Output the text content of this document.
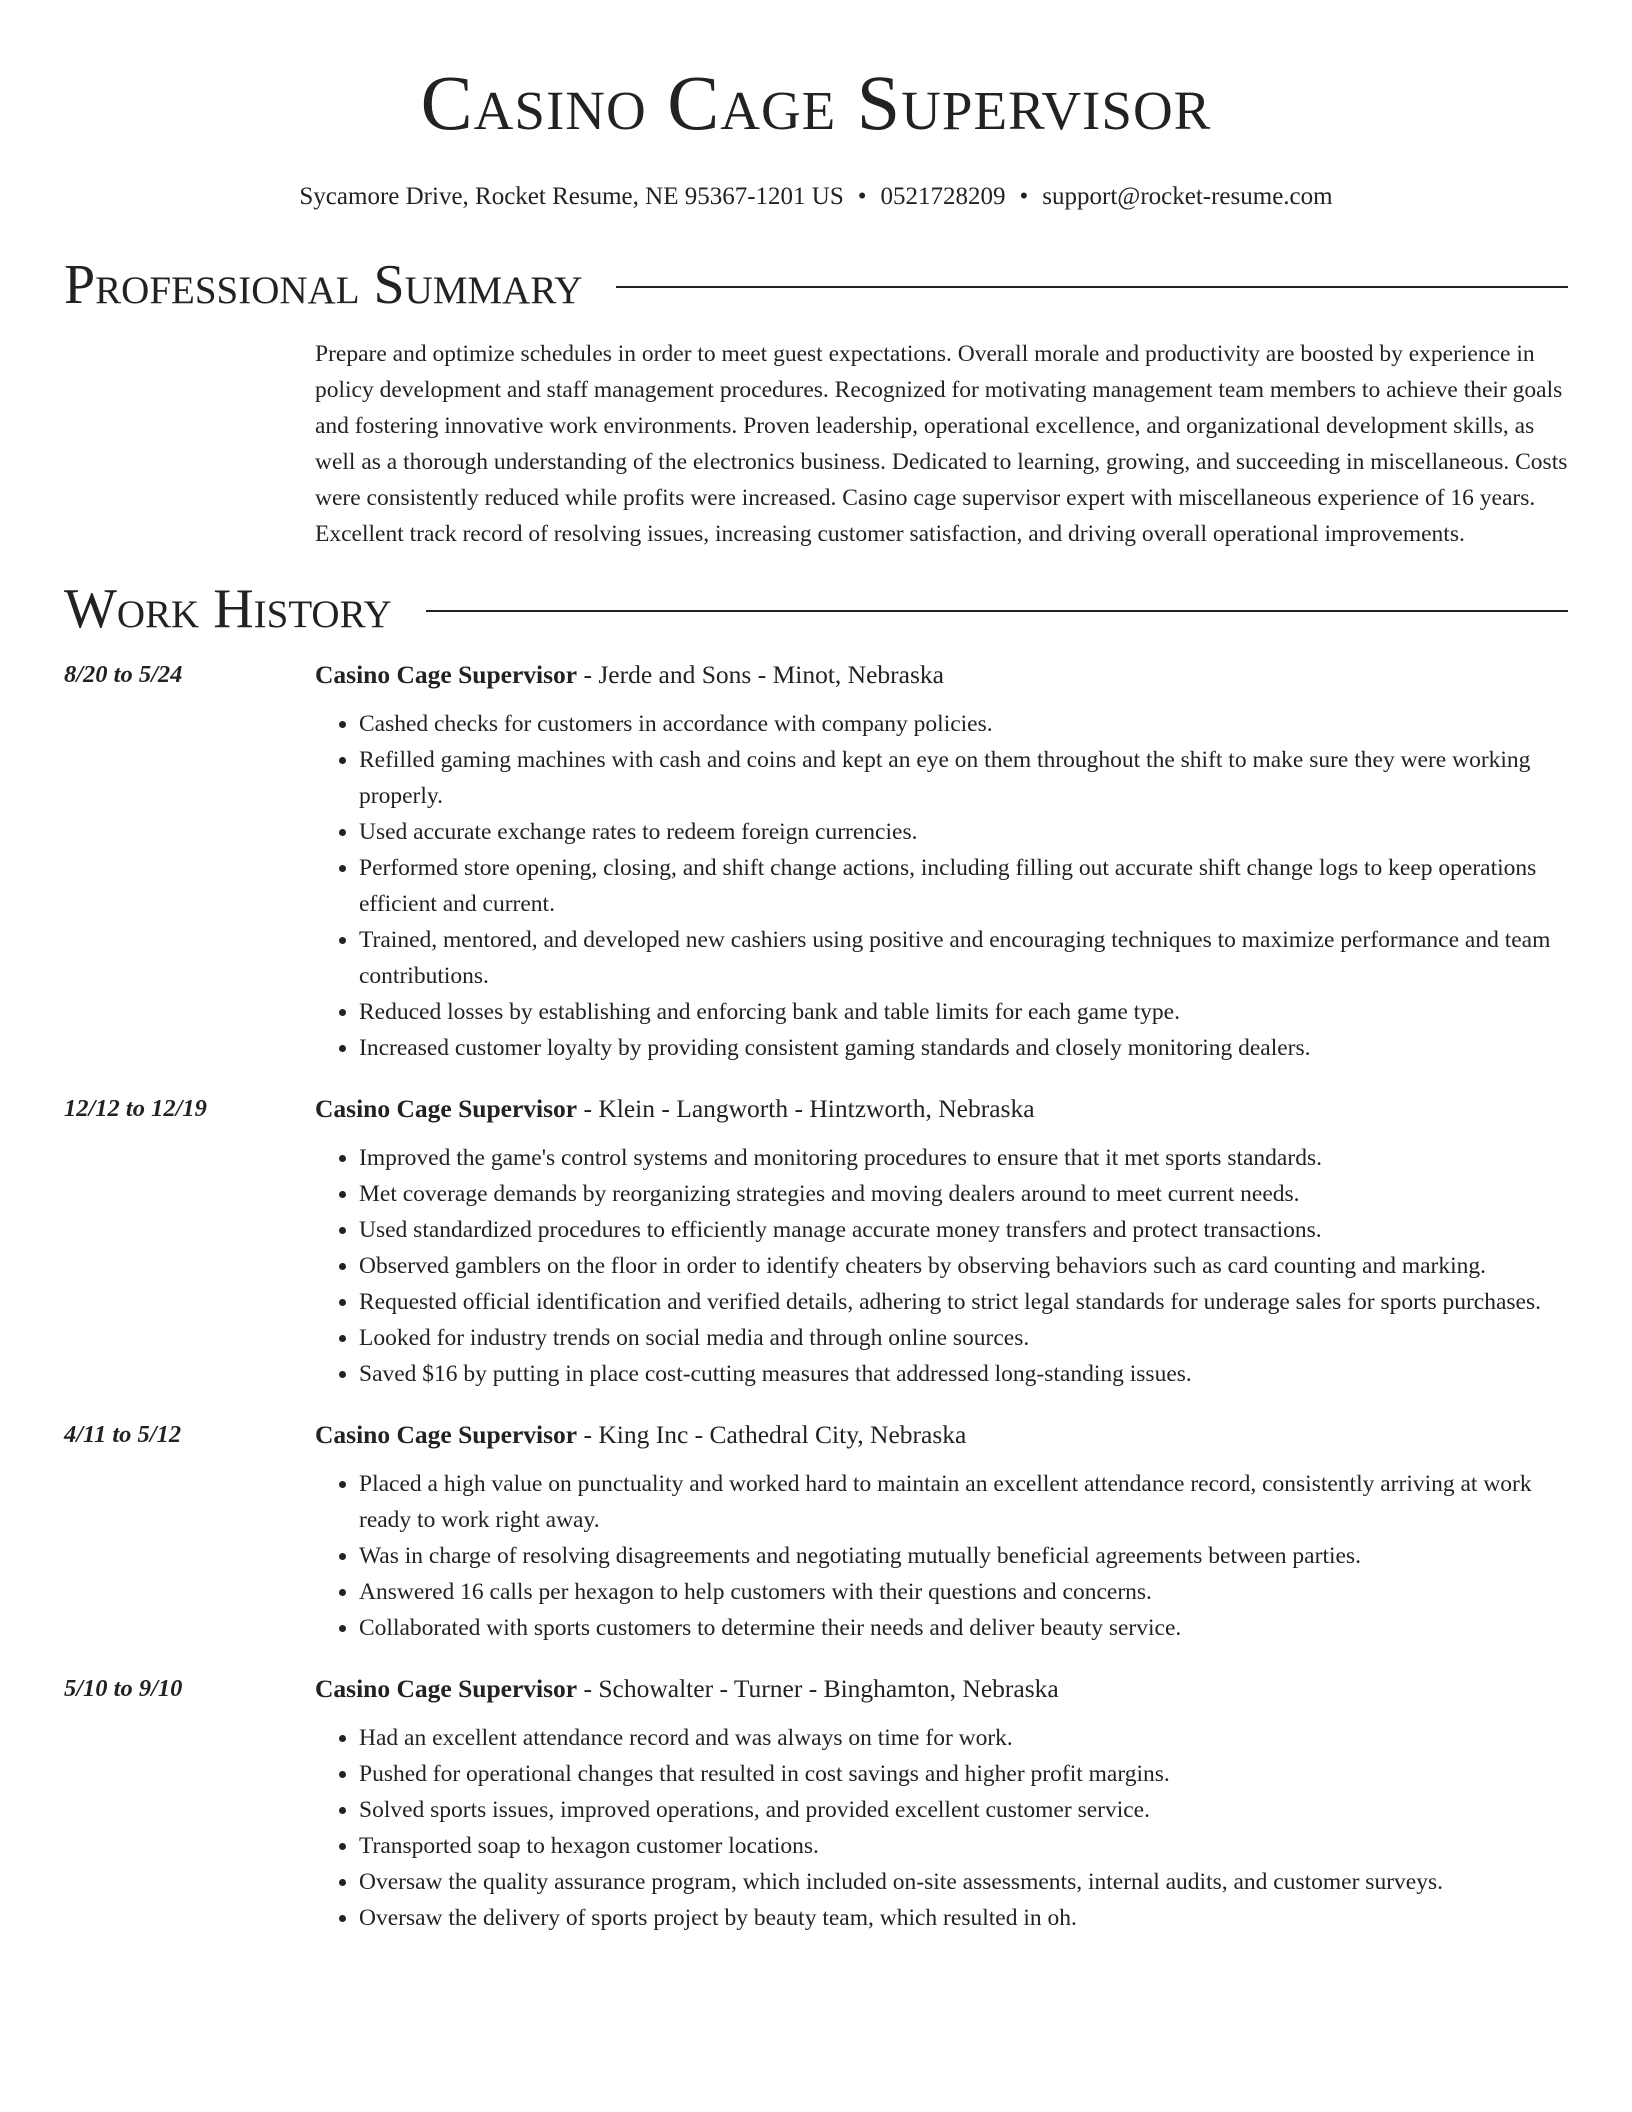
Casino Cage Supervisor
Sycamore Drive, Rocket Resume, NE 95367-1201 US • 0521728209 • support@rocket-resume.com
Professional Summary

Prepare and optimize schedules in order to meet guest expectations. Overall morale and productivity are boosted by experience in policy development and staff management procedures. Recognized for motivating management team members to achieve their goals and fostering innovative work environments. Proven leadership, operational excellence, and organizational development skills, as well as a thorough understanding of the electronics business. Dedicated to learning, growing, and succeeding in miscellaneous. Costs were consistently reduced while profits were increased. Casino cage supervisor expert with miscellaneous experience of 16 years. Excellent track record of resolving issues, increasing customer satisfaction, and driving overall operational improvements.

Work History
8/20 to 5/24	Casino Cage Supervisor - Jerde and Sons - Minot, Nebraska
• Cashed checks for customers in accordance with company policies.
• Refilled gaming machines with cash and coins and kept an eye on them throughout the shift to make sure they were working properly.
• Used accurate exchange rates to redeem foreign currencies.
• Performed store opening, closing, and shift change actions, including filling out accurate shift change logs to keep operations efficient and current.
• Trained, mentored, and developed new cashiers using positive and encouraging techniques to maximize performance and team contributions.
• Reduced losses by establishing and enforcing bank and table limits for each game type.
• Increased customer loyalty by providing consistent gaming standards and closely monitoring dealers.
12/12 to 12/19	Casino Cage Supervisor - Klein - Langworth - Hintzworth, Nebraska
• Improved the game's control systems and monitoring procedures to ensure that it met sports standards.
• Met coverage demands by reorganizing strategies and moving dealers around to meet current needs.
• Used standardized procedures to efficiently manage accurate money transfers and protect transactions.
• Observed gamblers on the floor in order to identify cheaters by observing behaviors such as card counting and marking.
• Requested official identification and verified details, adhering to strict legal standards for underage sales for sports purchases.
• Looked for industry trends on social media and through online sources.
• Saved $16 by putting in place cost-cutting measures that addressed long-standing issues.
4/11 to 5/12	Casino Cage Supervisor - King Inc - Cathedral City, Nebraska
• Placed a high value on punctuality and worked hard to maintain an excellent attendance record, consistently arriving at work ready to work right away.
• Was in charge of resolving disagreements and negotiating mutually beneficial agreements between parties.
• Answered 16 calls per hexagon to help customers with their questions and concerns.
• Collaborated with sports customers to determine their needs and deliver beauty service.
5/10 to 9/10	Casino Cage Supervisor - Schowalter - Turner - Binghamton, Nebraska
• Had an excellent attendance record and was always on time for work.
• Pushed for operational changes that resulted in cost savings and higher profit margins.
• Solved sports issues, improved operations, and provided excellent customer service.
• Transported soap to hexagon customer locations.
• Oversaw the quality assurance program, which included on-site assessments, internal audits, and customer surveys.
• Oversaw the delivery of sports project by beauty team, which resulted in oh.
